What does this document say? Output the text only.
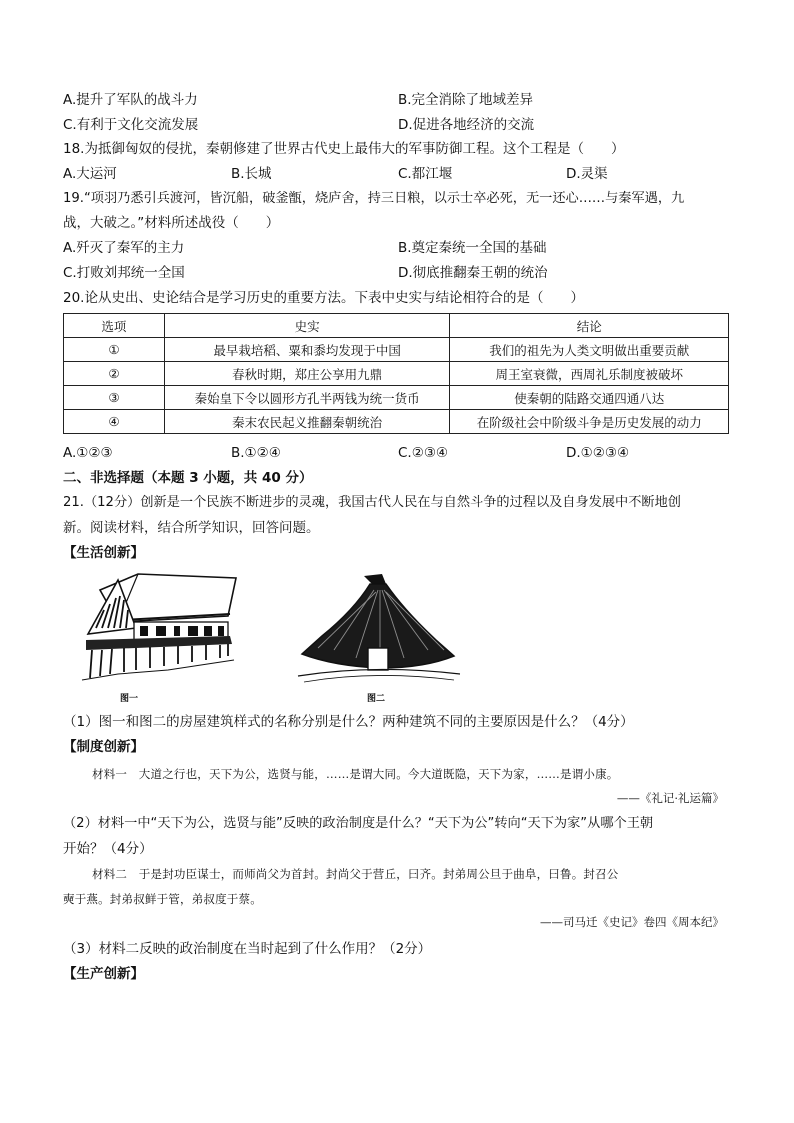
A.提升了军队的战斗力	B.完全消除了地域差异
C.有利于文化交流发展	D.促进各地经济的交流
18.为抵御匈奴的侵扰，秦朝修建了世界古代史上最伟大的军事防御工程。这个工程是（　　）
A.大运河	B.长城	C.都江堰	D.灵渠
19.“项羽乃悉引兵渡河，皆沉船，破釜甑，烧庐舍，持三日粮，以示士卒必死，无一还心……与秦军遇，九
战，大破之。”材料所述战役（　　）
A.歼灭了秦军的主力	B.奠定秦统一全国的基础
C.打败刘邦统一全国	D.彻底推翻秦王朝的统治
20.论从史出、史论结合是学习历史的重要方法。下表中史实与结论相符合的是（　　）
选项	史实	结论
①	最早栽培稻、粟和黍均发现于中国	我们的祖先为人类文明做出重要贡献
②	春秋时期，郑庄公享用九鼎	周王室衰微，西周礼乐制度被破坏
③	秦始皇下令以圆形方孔半两钱为统一货币	使秦朝的陆路交通四通八达
④	秦末农民起义推翻秦朝统治	在阶级社会中阶级斗争是历史发展的动力
A.①②③	B.①②④	C.②③④	D.①②③④
二、非选择题（本题 3 小题，共 40 分）
21.（12分）创新是一个民族不断进步的灵魂，我国古代人民在与自然斗争的过程以及自身发展中不断地创
新。阅读材料，结合所学知识，回答问题。
【生活创新】
图一	图二
（1）图一和图二的房屋建筑样式的名称分别是什么？两种建筑不同的主要原因是什么？（4分）
【制度创新】
材料一　大道之行也，天下为公，选贤与能，……是谓大同。今大道既隐，天下为家，……是谓小康。
——《礼记·礼运篇》
（2）材料一中“天下为公，选贤与能”反映的政治制度是什么？“天下为公”转向“天下为家”从哪个王朝
开始？（4分）
材料二　于是封功臣谋士，而师尚父为首封。封尚父于营丘，曰齐。封弟周公旦于曲阜，曰鲁。封召公
奭于燕。封弟叔鲜于管，弟叔度于蔡。
——司马迁《史记》卷四《周本纪》
（3）材料二反映的政治制度在当时起到了什么作用？（2分）
【生产创新】
